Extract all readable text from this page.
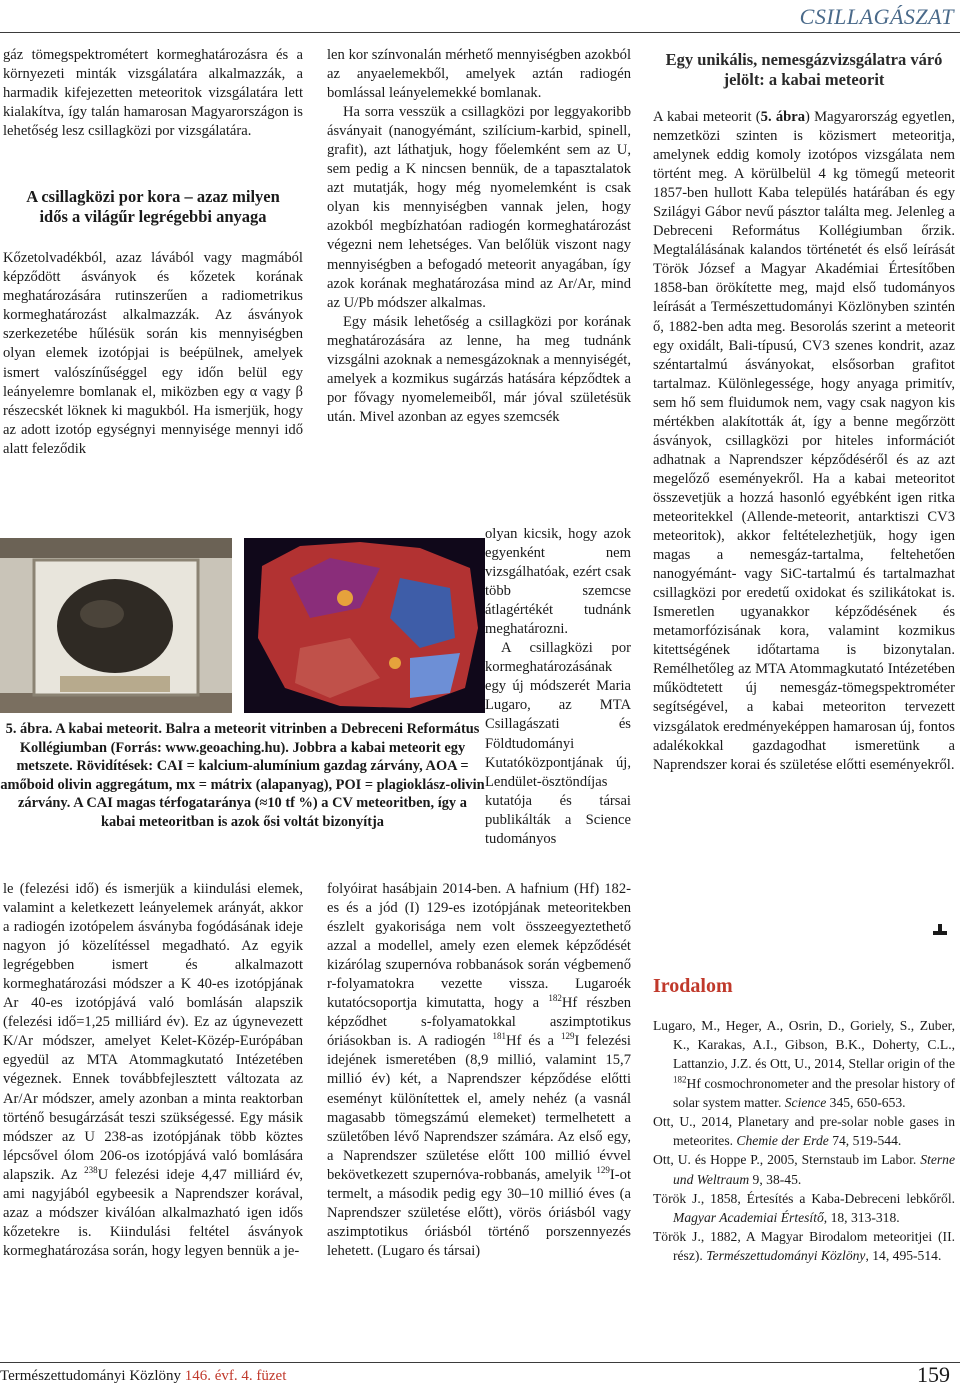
CSILLAGÁSZAT

gáz tömegspektrométert kormeghatározásra és a környezeti minták vizsgálatára alkalmazzák, a harmadik kifejezetten meteoritok vizsgálatára lett kialakítva, így talán hamarosan Magyarországon is lehetőség lesz csillagközi por vizsgálatára.

A csillagközi por kora – azaz milyen idős a világűr legrégebbi anyaga

Kőzetolvadékból, azaz lávából vagy magmából képződött ásványok és kőzetek korának meghatározására rutinszerűen a radiometrikus kormeghatározást alkalmazzák. Az ásványok szerkezetébe hűlésük során kis mennyiségben olyan elemek izotópjai is beépülnek, amelyek ismert valószínűséggel egy időn belül egy leányelemre bomlanak el, miközben egy α vagy β részecskét löknek ki magukból. Ha ismerjük, hogy az adott izotóp egységnyi mennyisége mennyi idő alatt feleződik

5. ábra. A kabai meteorit. Balra a meteorit vitrinben a Debreceni Református Kollégiumban (Forrás: www.geoaching.hu). Jobbra a kabai meteorit egy metszete. Rövidítések: CAI = kalcium-alumínium gazdag zárvány, AOA = amőboid olivin aggregátum, mx = mátrix (alapanyag), POI = plagioklász-olivin zárvány. A CAI magas térfogataránya (≈10 tf %) a CV meteoritben, így a kabai meteoritban is azok ősi voltát bizonyítja

le (felezési idő) és ismerjük a kiindulási elemek, valamint a keletkezett leányelemek arányát, akkor a radiogén izotópelem ásványba fogódásának ideje nagyon jó közelítéssel megadható. Az egyik legrégebben ismert és alkalmazott kormeghatározási módszer a K 40-es izotópjának Ar 40-es izotópjává való bomlásán alapszik (felezési idő=1,25 milliárd év). Ez az úgynevezett K/Ar módszer, amelyet Kelet-Közép-Európában egyedül az MTA Atommagkutató Intézetében végeznek. Ennek továbbfejlesztett változata az Ar/Ar módszer, amely azonban a minta reaktorban történő besugárzását teszi szükségessé. Egy másik módszer az U 238-as izotópjának több köztes lépcsővel ólom 206-os izotópjává való bomlására alapszik. Az $^{238}$U felezési ideje 4,47 milliárd év, ami nagyjából egybeesik a Naprendszer korával, azaz a módszer kiválóan alkalmazható igen idős kőzetekre is. Kiindulási feltétel ásványok kormeghatározása során, hogy legyen bennük a je-

len kor színvonalán mérhető mennyiségben azokból az anyaelemekből, amelyek aztán radiogén bomlással leányelemekké bomlanak.

Ha sorra vesszük a csillagközi por leggyakoribb ásványait (nanogyémánt, szilícium-karbid, spinell, grafit), azt láthatjuk, hogy főelemként sem az U, sem pedig a K nincsen bennük, de a tapasztalatok azt mutatják, hogy még nyomelemként is csak olyan kis mennyiségben vannak jelen, hogy azokból megbízhatóan radiogén kormeghatározást végezni nem lehetséges. Van belőlük viszont nagy mennyiségben a befogadó meteorit anyagában, így azok korának meghatározása mind az Ar/Ar, mind az U/Pb módszer alkalmas.

Egy másik lehetőség a csillagközi por korának meghatározására az lenne, ha meg tudnánk vizsgálni azoknak a nemesgázoknak a mennyiségét, amelyek a kozmikus sugárzás hatására képződtek a por fővagy nyomelemeiből, már jóval születésük után. Mivel azonban az egyes szemcsék

olyan kicsik, hogy azok egyenként nem vizsgálhatóak, ezért csak több szemcse átlagértékét tudnánk meghatározni.

A csillagközi por kormeghatározásának egy új módszerét Maria Lugaro, az MTA Csillagászati és Földtudományi Kutatóközpontjának új, Lendület-ösztöndíjas kutatója és társai publikálták a Science tudományos

folyóirat hasábjain 2014-ben. A hafnium (Hf) 182-es és a jód (I) 129-es izotópjának meteoritekben észlelt gyakorisága nem volt összeegyeztethető azzal a modellel, amely ezen elemek képződését kizárólag szupernóva robbanások során végbemenő r-folyamatokra vezette vissza. Lugaroék kutatócsoportja kimutatta, hogy a $^{182}$Hf részben képződhet s-folyamatokkal aszimptotikus óriásokban is. A radiogén $^{181}$Hf és a $^{129}$I felezési idejének ismeretében (8,9 millió, valamint 15,7 millió év) két, a Naprendszer képződése előtti eseményt különítettek el, amely nehéz (a vasnál magasabb tömegszámú elemeket) termelhetett a születőben lévő Naprendszer számára. Az első egy, a Naprendszer születése előtt 100 millió évvel bekövetkezett szupernóva-robbanás, amelyik $^{129}$I-ot termelt, a második pedig egy 30–10 millió éves (a Naprendszer születése előtt), vörös óriásból vagy aszimptotikus óriásból történő porszennyezés lehetett. (Lugaro és társai)

Egy unikális, nemesgázvizsgálatra váró jelölt: a kabai meteorit

A kabai meteorit (5. ábra) Magyarország egyetlen, nemzetközi szinten is közismert meteoritja, amelynek eddig komoly izotópos vizsgálata nem történt meg. A körülbelül 4 kg tömegű meteorit 1857-ben hullott Kaba település határában és egy Szilágyi Gábor nevű pásztor találta meg. Jelenleg a Debreceni Református Kollégiumban őrzik. Megtalálásának kalandos történetét és első leírását Török József a Magyar Akadémiai Értesítőben 1858-ban örökítette meg, majd első tudományos leírását a Természettudományi Közlönyben szintén ő, 1882-ben adta meg. Besorolás szerint a meteorit egy oxidált, Bali-típusú, CV3 szenes kondrit, azaz széntartalmú ásványokat, elsősorban grafitot tartalmaz. Különlegessége, hogy anyaga primitív, sem hő sem fluidumok nem, vagy csak nagyon kis mértékben alakították át, így a benne megőrzött ásványok, csillagközi por hiteles információt adhatnak a Naprendszer képződéséről és az azt megelőző eseményekről. Ha a kabai meteoritot összevetjük a hozzá hasonló egyébként igen ritka meteoritekkel (Allende-meteorit, antarktiszi CV3 meteoritok), akkor feltételezhetjük, hogy igen magas a nemesgáz-tartalma, feltehetően nanogyémánt- vagy SiC-tartalmú és tartalmazhat csillagközi por eredetű oxidokat és szilikátokat is. Ismeretlen ugyanakkor képződésének és metamorfózisának kora, valamint kozmikus kitettségének időtartama is bizonytalan. Remélhetőleg az MTA Atommagkutató Intézetében működtetett új nemesgáz-tömegspektrométer segítségével, a kabai meteoriton tervezett vizsgálatok eredményeképpen hamarosan új, fontos adalékokkal gazdagodhat ismeretünk a Naprendszer korai és születése előtti eseményekről.

Irodalom
Lugaro, M., Heger, A., Osrin, D., Goriely, S., Zuber, K., Karakas, A.I., Gibson, B.K., Doherty, C.L., Lattanzio, J.Z. és Ott, U., 2014, Stellar origin of the $^{182}$Hf cosmochronometer and the presolar history of solar system matter. Science 345, 650-653.
Ott, U., 2014, Planetary and pre-solar noble gases in meteorites. Chemie der Erde 74, 519-544.
Ott, U. és Hoppe P., 2005, Sternstaub im Labor. Sterne und Weltraum 9, 38-45.
Török J., 1858, Értesítés a Kaba-Debreceni lebkőről. Magyar Academiai Értesítő, 18, 313-318.
Török J., 1882, A Magyar Birodalom meteoritjei (II. rész). Természettudományi Közlöny, 14, 495-514.
Természettudományi Közlöny 146. évf. 4. füzet	159
